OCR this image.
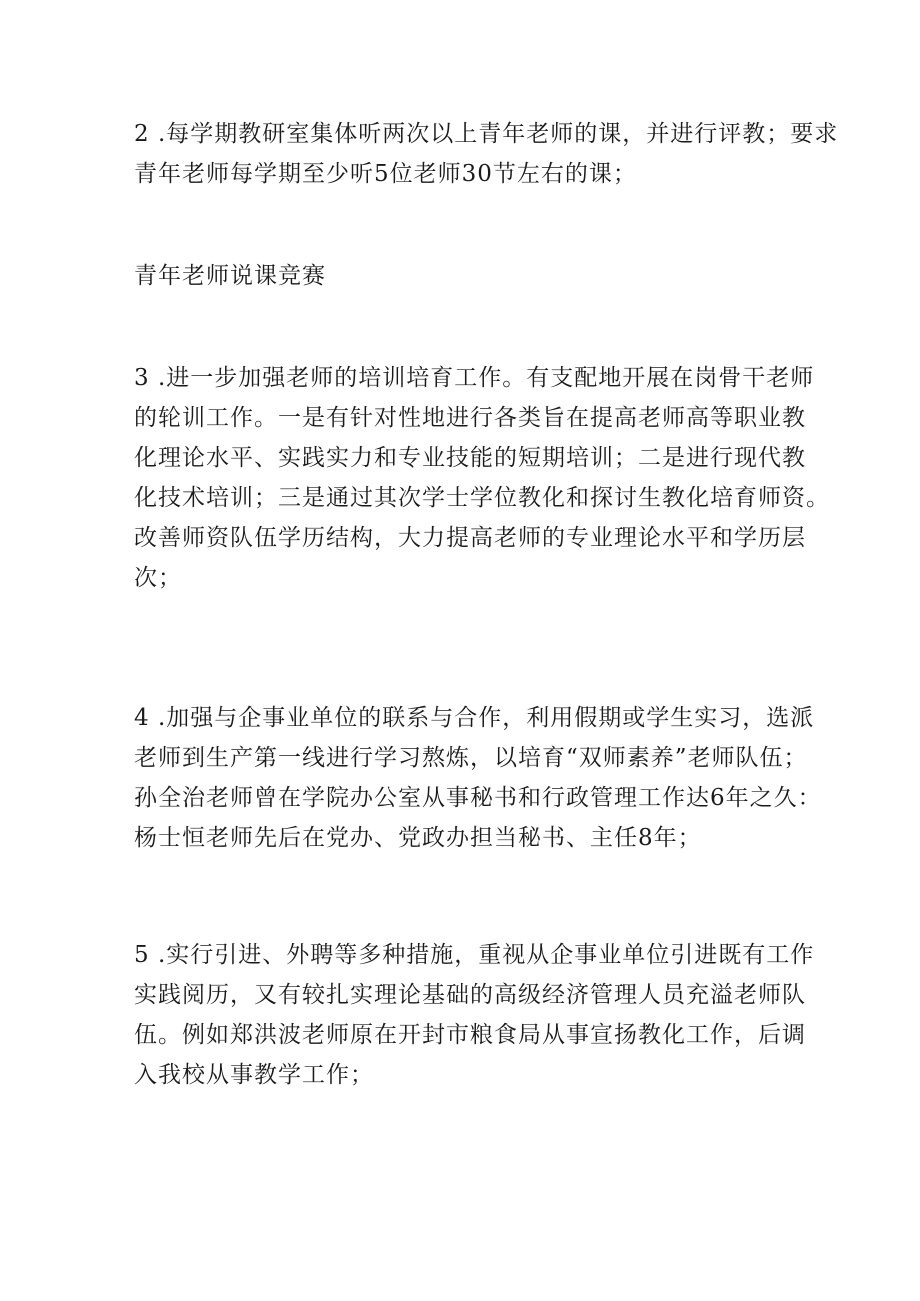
2 .每学期教研室集体听两次以上青年老师的课，并进行评教；要求
青年老师每学期至少听5位老师30节左右的课；
青年老师说课竞赛
3 .进一步加强老师的培训培育工作。有支配地开展在岗骨干老师
的轮训工作。一是有针对性地进行各类旨在提高老师高等职业教
化理论水平、实践实力和专业技能的短期培训；二是进行现代教
化技术培训；三是通过其次学士学位教化和探讨生教化培育师资。
改善师资队伍学历结构，大力提高老师的专业理论水平和学历层
次；
4 .加强与企事业单位的联系与合作，利用假期或学生实习，选派
老师到生产第一线进行学习熬炼，以培育“双师素养”老师队伍；
孙全治老师曾在学院办公室从事秘书和行政管理工作达6年之久：
杨士恒老师先后在党办、党政办担当秘书、主任8年；
5 .实行引进、外聘等多种措施，重视从企事业单位引进既有工作
实践阅历，又有较扎实理论基础的高级经济管理人员充溢老师队
伍。例如郑洪波老师原在开封市粮食局从事宣扬教化工作，后调
入我校从事教学工作；
